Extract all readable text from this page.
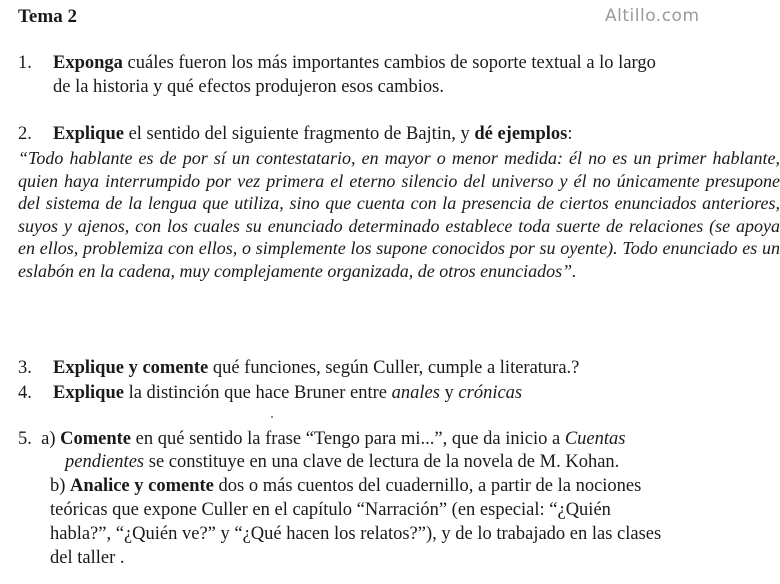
Tema 2	Altillo.com
1. Exponga cuáles fueron los más importantes cambios de soporte textual a lo largo
de la historia y qué efectos produjeron esos cambios.
2. Explique el sentido del siguiente fragmento de Bajtin, y dé ejemplos:
“Todo hablante es de por sí un contestatario, en mayor o menor medida: él no es un primer hablante, quien haya interrumpido por vez primera el eterno silencio del universo y él no únicamente presupone del sistema de la lengua que utiliza, sino que cuenta con la presencia de ciertos enunciados anteriores, suyos y ajenos, con los cuales su enunciado determinado establece toda suerte de relaciones (se apoya en ellos, problemiza con ellos, o simplemente los supone conocidos por su oyente). Todo enunciado es un eslabón en la cadena, muy complejamente organizada, de otros enunciados”.
3. Explique y comente qué funciones, según Culler, cumple a literatura.?
4. Explique la distinción que hace Bruner entre anales y crónicas
5. a) Comente en qué sentido la frase “Tengo para mi...”, que da inicio a Cuentas
pendientes se constituye en una clave de lectura de la novela de M. Kohan.
b) Analice y comente dos o más cuentos del cuadernillo, a partir de la nociones
teóricas que expone Culler en el capítulo “Narración” (en especial: “¿Quién
habla?”, “¿Quién ve?” y “¿Qué hacen los relatos?”), y de lo trabajado en las clases
del taller .
